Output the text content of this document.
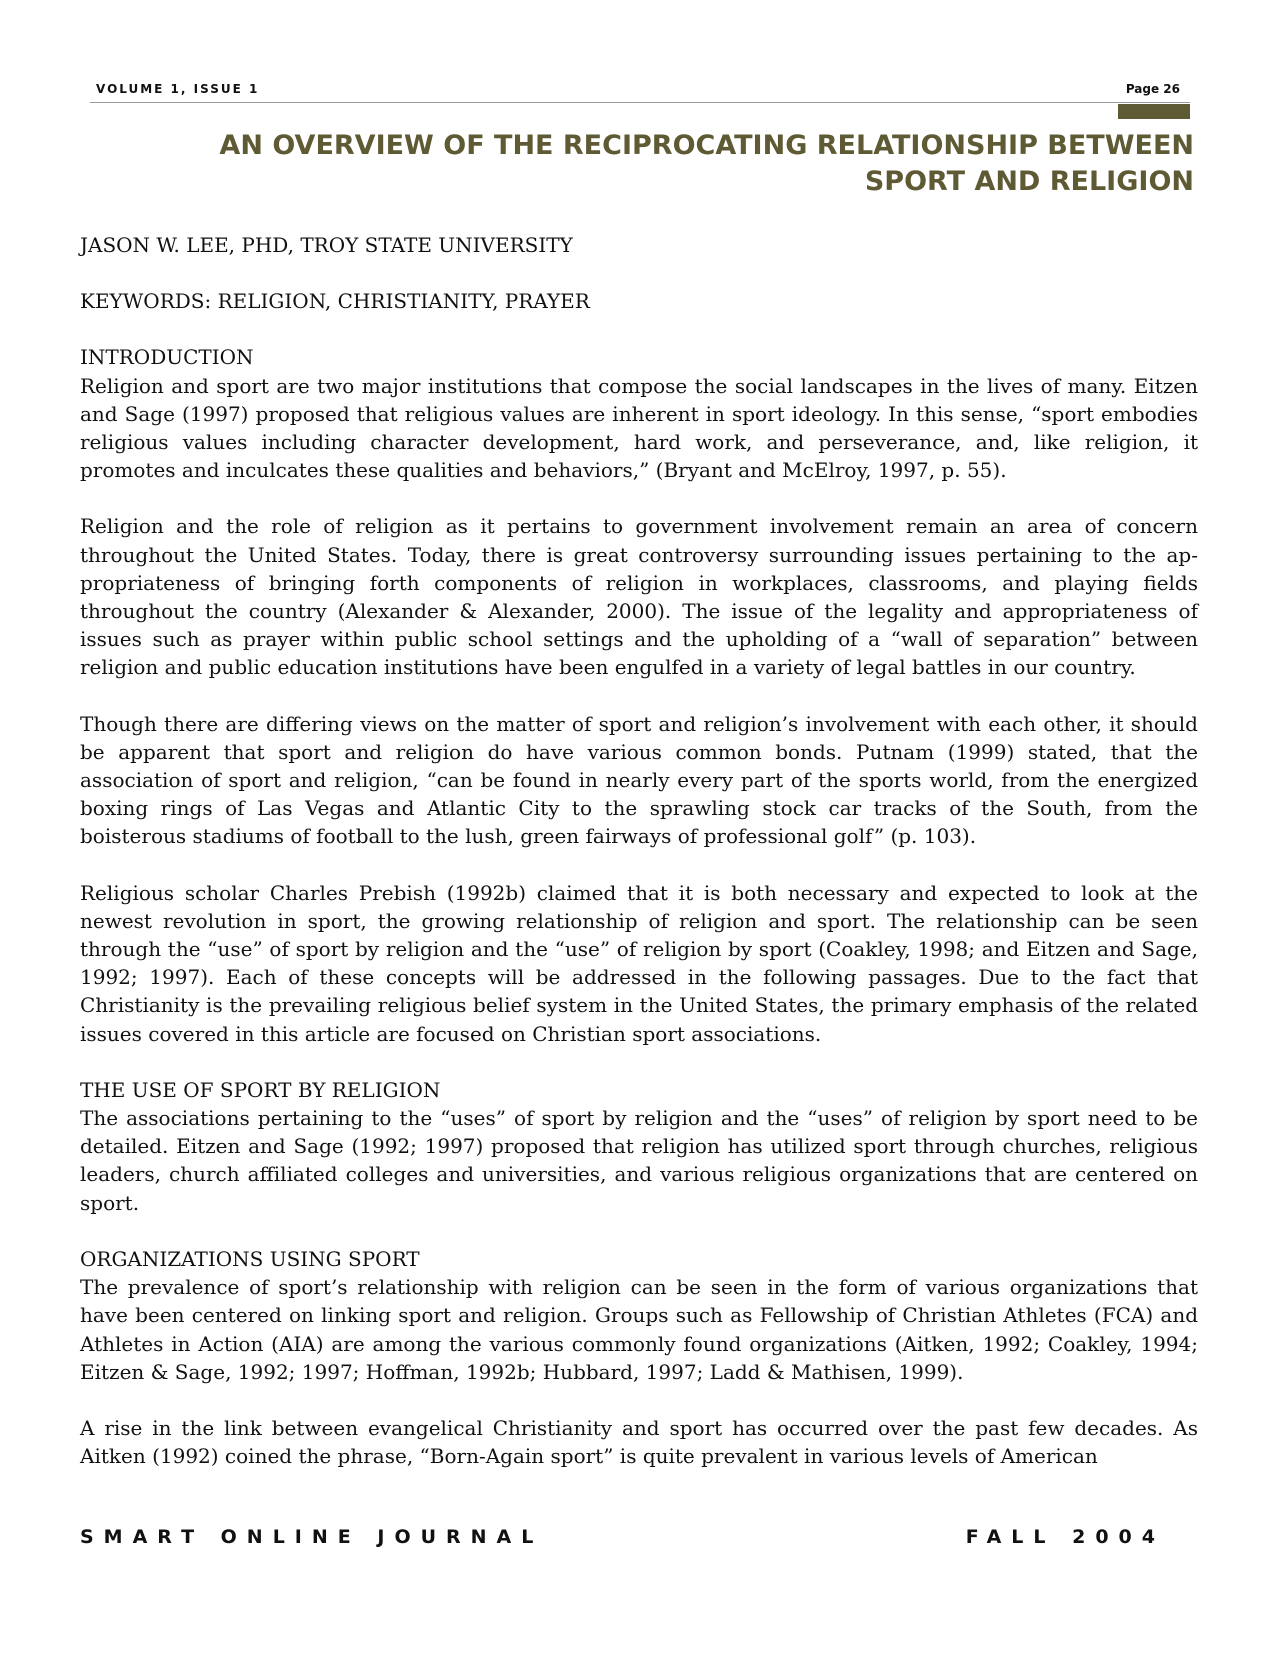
VOLUME 1, ISSUE 1	Page 26
AN OVERVIEW OF THE RECIPROCATING RELATIONSHIP BETWEEN SPORT AND RELIGION
JASON W. LEE, PHD, TROY STATE UNIVERSITY
KEYWORDS: RELIGION, CHRISTIANITY, PRAYER
INTRODUCTION

Religion and sport are two major institutions that compose the social landscapes in the lives of many. Eitzen and Sage (1997) proposed that religious values are inherent in sport ideology. In this sense, “sport embodies religious values including character development, hard work, and perseverance, and, like religion, it promotes and inculcates these qualities and behaviors,” (Bryant and McElroy, 1997, p. 55).

Religion and the role of religion as it pertains to government involvement remain an area of concern throughout the United States. Today, there is great controversy surrounding issues pertaining to the appropriateness of bringing forth components of religion in workplaces, classrooms, and playing fields throughout the country (Alexander & Alexander, 2000). The issue of the legality and appropriateness of issues such as prayer within public school settings and the upholding of a “wall of separation” between religion and public education institutions have been engulfed in a variety of legal battles in our country.

Though there are differing views on the matter of sport and religion’s involvement with each other, it should be apparent that sport and religion do have various common bonds. Putnam (1999) stated, that the association of sport and religion, “can be found in nearly every part of the sports world, from the energized boxing rings of Las Vegas and Atlantic City to the sprawling stock car tracks of the South, from the boisterous stadiums of football to the lush, green fairways of professional golf” (p. 103).

Religious scholar Charles Prebish (1992b) claimed that it is both necessary and expected to look at the newest revolution in sport, the growing relationship of religion and sport. The relationship can be seen through the “use” of sport by religion and the “use” of religion by sport (Coakley, 1998; and Eitzen and Sage, 1992; 1997). Each of these concepts will be addressed in the following passages. Due to the fact that Christianity is the prevailing religious belief system in the United States, the primary emphasis of the related issues covered in this article are focused on Christian sport associations.

THE USE OF SPORT BY RELIGION

The associations pertaining to the “uses” of sport by religion and the “uses” of religion by sport need to be detailed. Eitzen and Sage (1992; 1997) proposed that religion has utilized sport through churches, religious leaders, church affiliated colleges and universities, and various religious organizations that are centered on sport.

ORGANIZATIONS USING SPORT

The prevalence of sport’s relationship with religion can be seen in the form of various organizations that have been centered on linking sport and religion. Groups such as Fellowship of Christian Athletes (FCA) and Athletes in Action (AIA) are among the various commonly found organizations (Aitken, 1992; Coakley, 1994; Eitzen & Sage, 1992; 1997; Hoffman, 1992b; Hubbard, 1997; Ladd & Mathisen, 1999).

A rise in the link between evangelical Christianity and sport has occurred over the past few decades. As Aitken (1992) coined the phrase, “Born-Again sport” is quite prevalent in various levels of American

SMART ONLINE JOURNAL	FALL 2004
